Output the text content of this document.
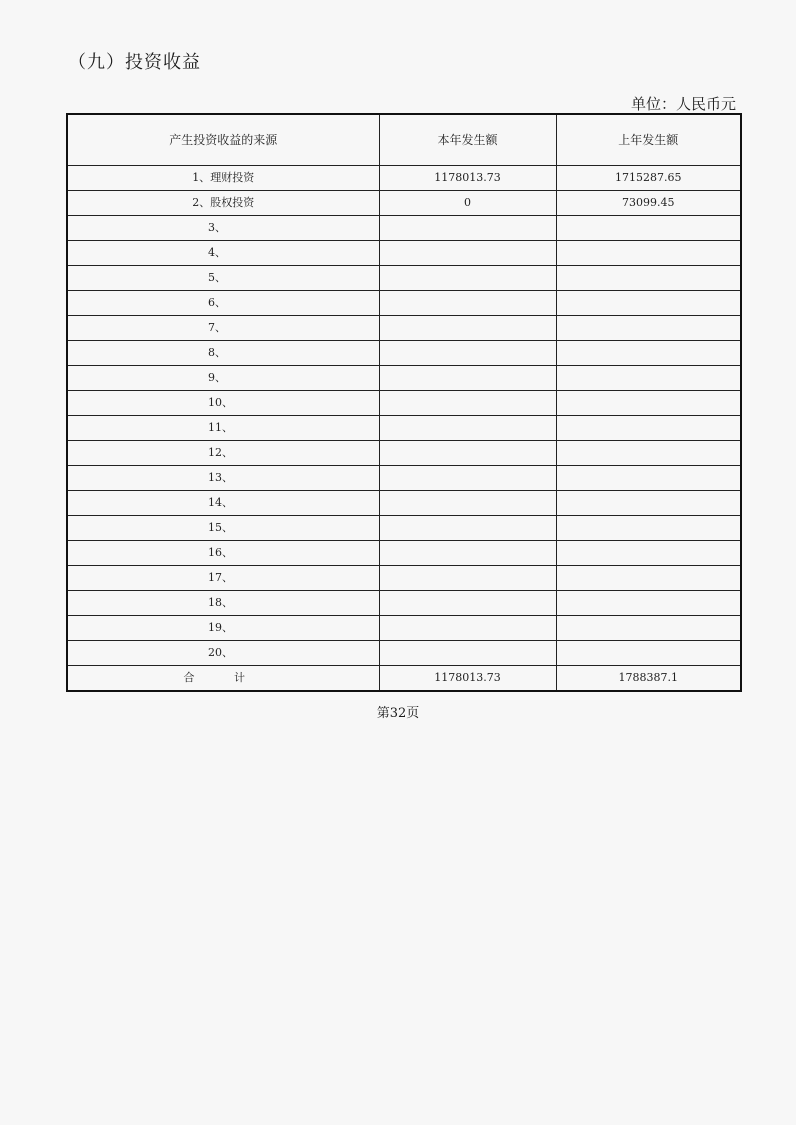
（九）投资收益
单位：人民币元
产生投资收益的来源	本年发生额	上年发生额
1、理财投资	1178013.73	1715287.65
2、股权投资	0	73099.45
3、		
4、		
5、		
6、		
7、		
8、		
9、		
10、		
11、		
12、		
13、		
14、		
15、		
16、		
17、		
18、		
19、		
20、		
合 计	1178013.73	1788387.1
第32页
